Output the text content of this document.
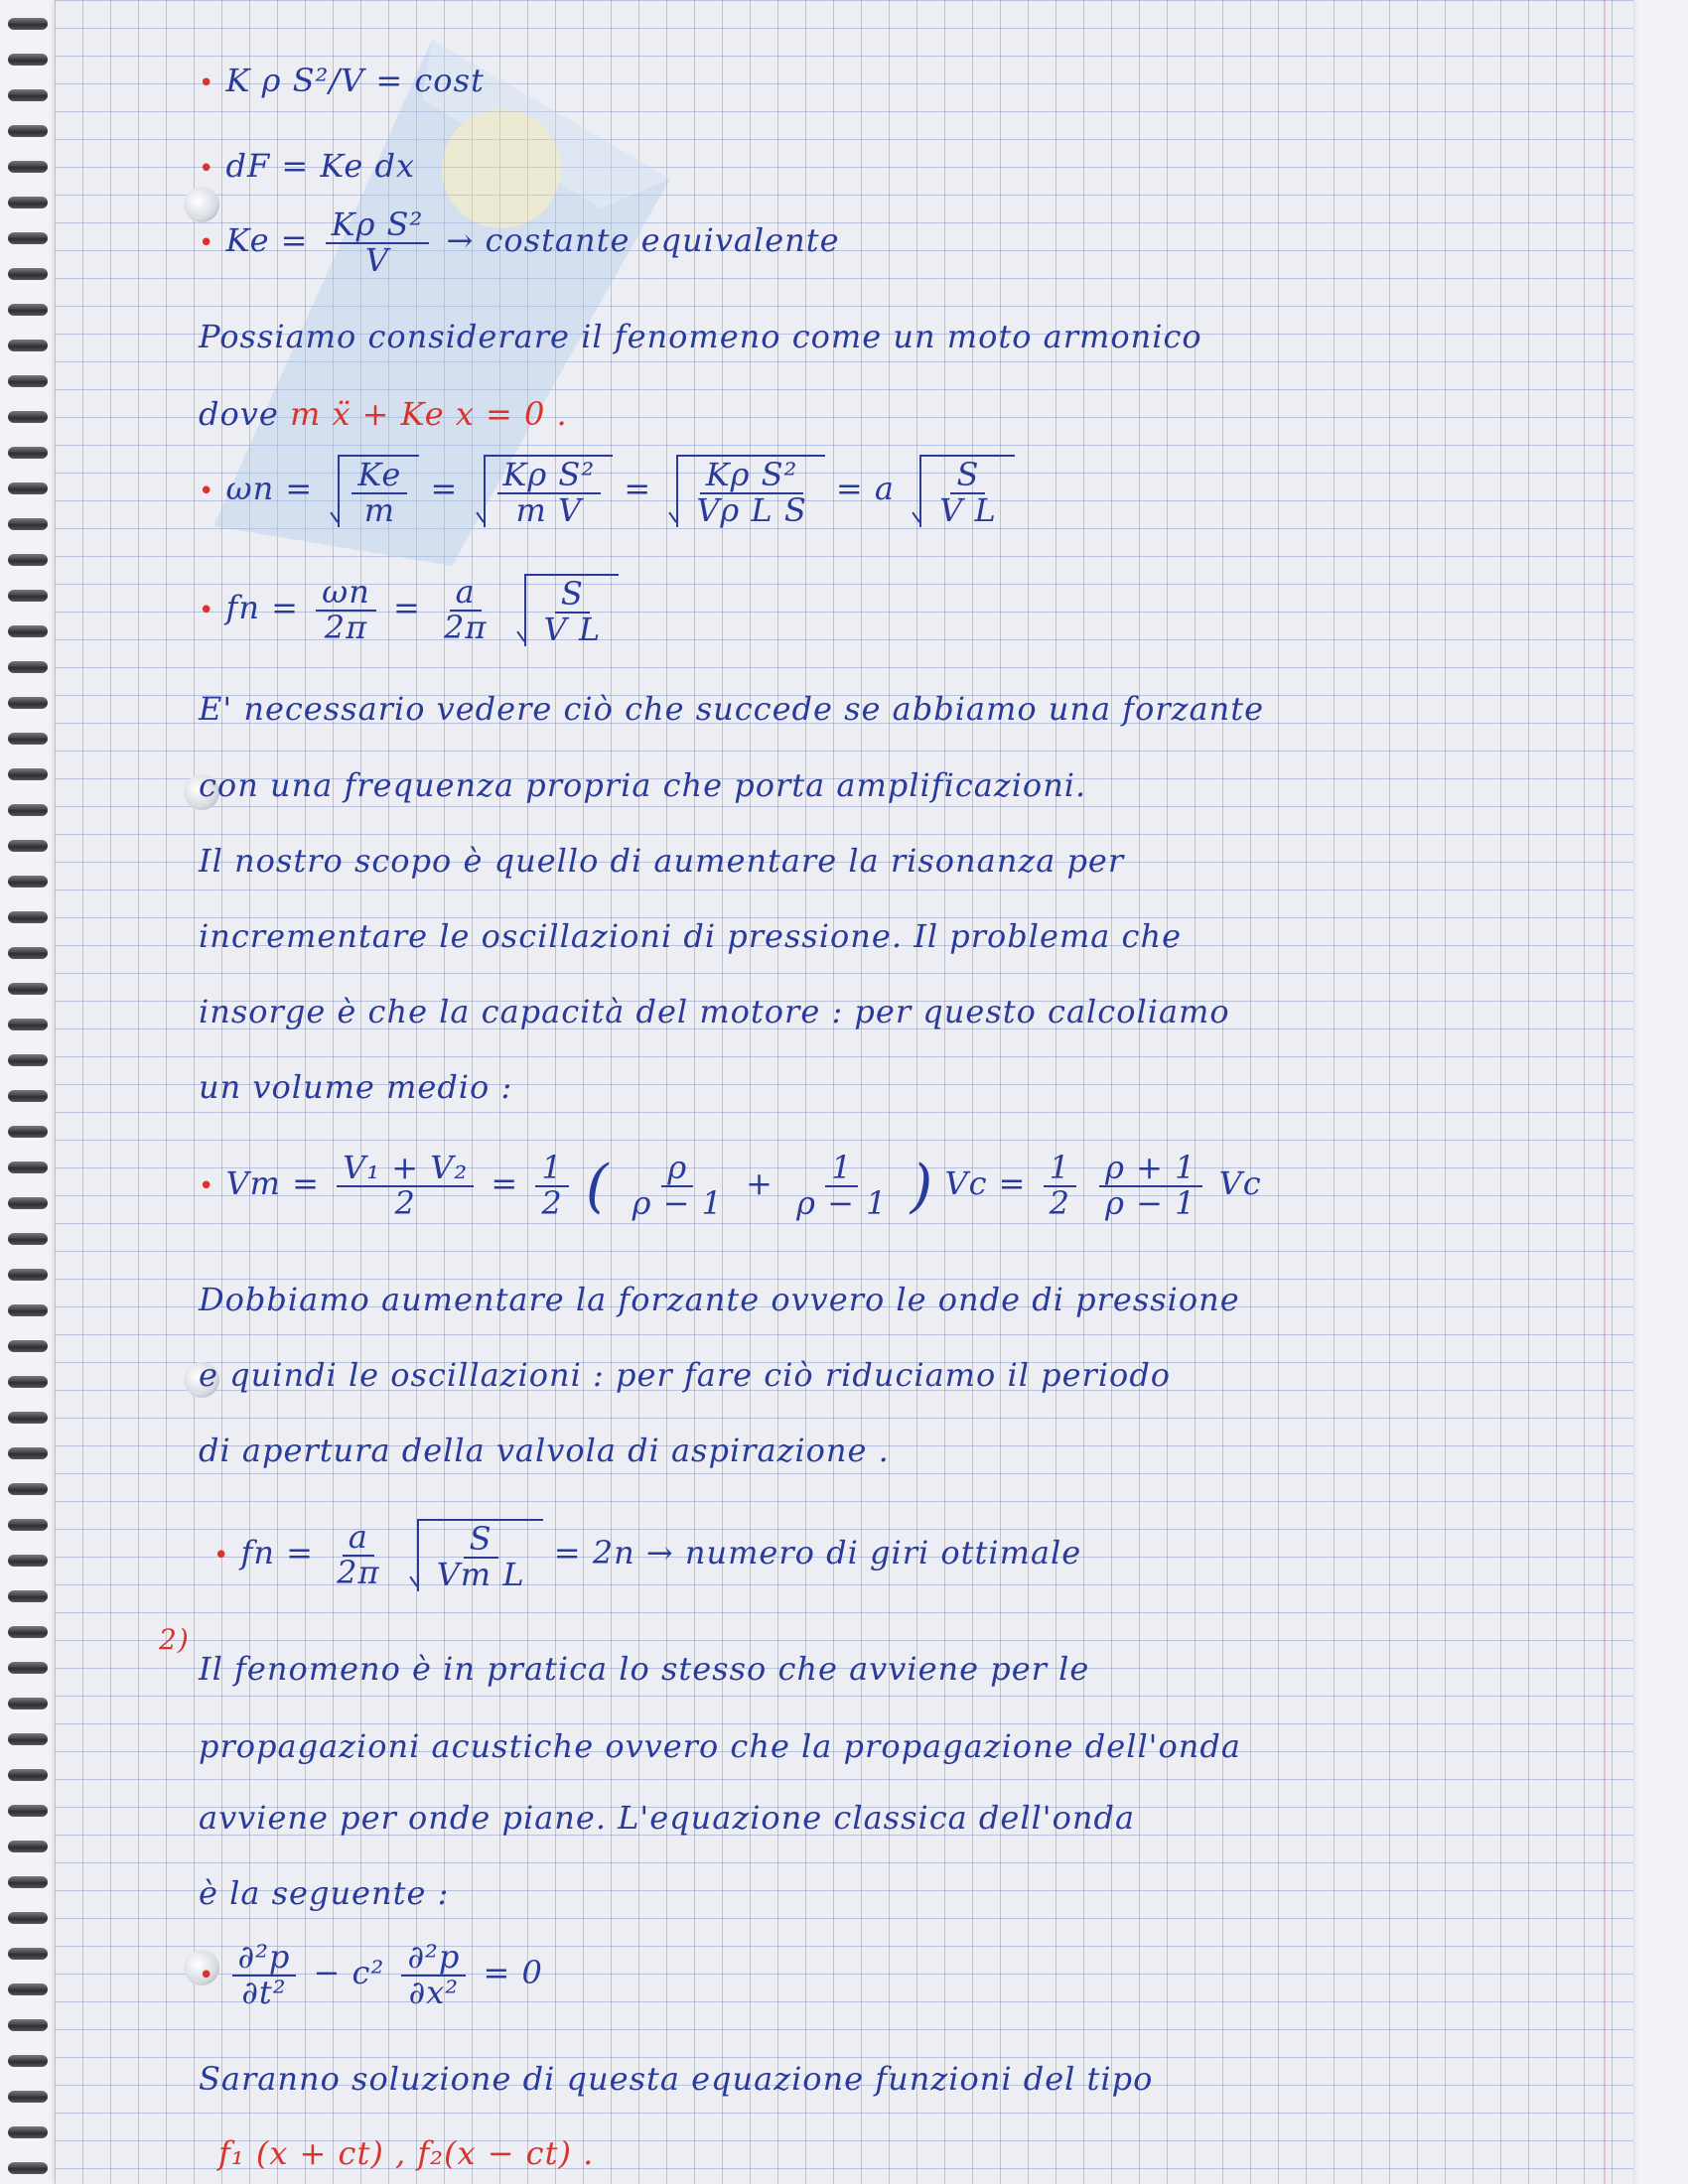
• K ρ S²/V = cost
• dF = Ke dx
• $Ke = \frac{\text{Kρ S²}}{V}$ → costante equivalente
Possiamo considerare il fenomeno come un moto armonico
dove m ẍ + Ke x = 0 .
• $\omega n = \frac{Ke}{m} = \frac{\text{Kρ S²}}{\text{m V}} = \frac{\text{Kρ S²}}{\text{Vρ L S}} = a \frac{S}{\text{V L}}$
• fn = $\frac{\omega n}{2\pi} = \frac{a}{2\pi}$
$\frac{S}{\text{V L}}$
E' necessario vedere ciò che succede se abbiamo una forzante
con una frequenza propria che porta amplificazioni.
Il nostro scopo è quello di aumentare la risonanza per
incrementare le oscillazioni di pressione. Il problema che
insorge è che la capacità del motore : per questo calcoliamo
un volume medio :
• $Vm = \frac{\text{V₁ + V₂}}{2} = \frac{1}{2}$ ( $\frac{\rho}{\rho - 1} + \frac{1}{\rho - 1}$ ) $Vc = \frac{1}{2}$
$\frac{\rho + 1}{\rho - 1}$ Vc
Dobbiamo aumentare la forzante ovvero le onde di pressione
e quindi le oscillazioni : per fare ciò riduciamo il periodo
di apertura della valvola di aspirazione .
• fn = $\frac{a}{2\pi}$
$\frac{S}{\text{Vm L}} = 2n$ → numero di giri ottimale
2)
Il fenomeno è in pratica lo stesso che avviene per le
propagazioni acustiche ovvero che la propagazione dell'onda
avviene per onde piane. L'equazione classica dell'onda
è la seguente :
• $\frac{\text{∂²p}}{\text{∂t²}} - c^2 \frac{\text{∂²p}}{\text{∂x²}} = 0$
Saranno soluzione di questa equazione funzioni del tipo
f₁ (x + ct) , f₂(x − ct) .
